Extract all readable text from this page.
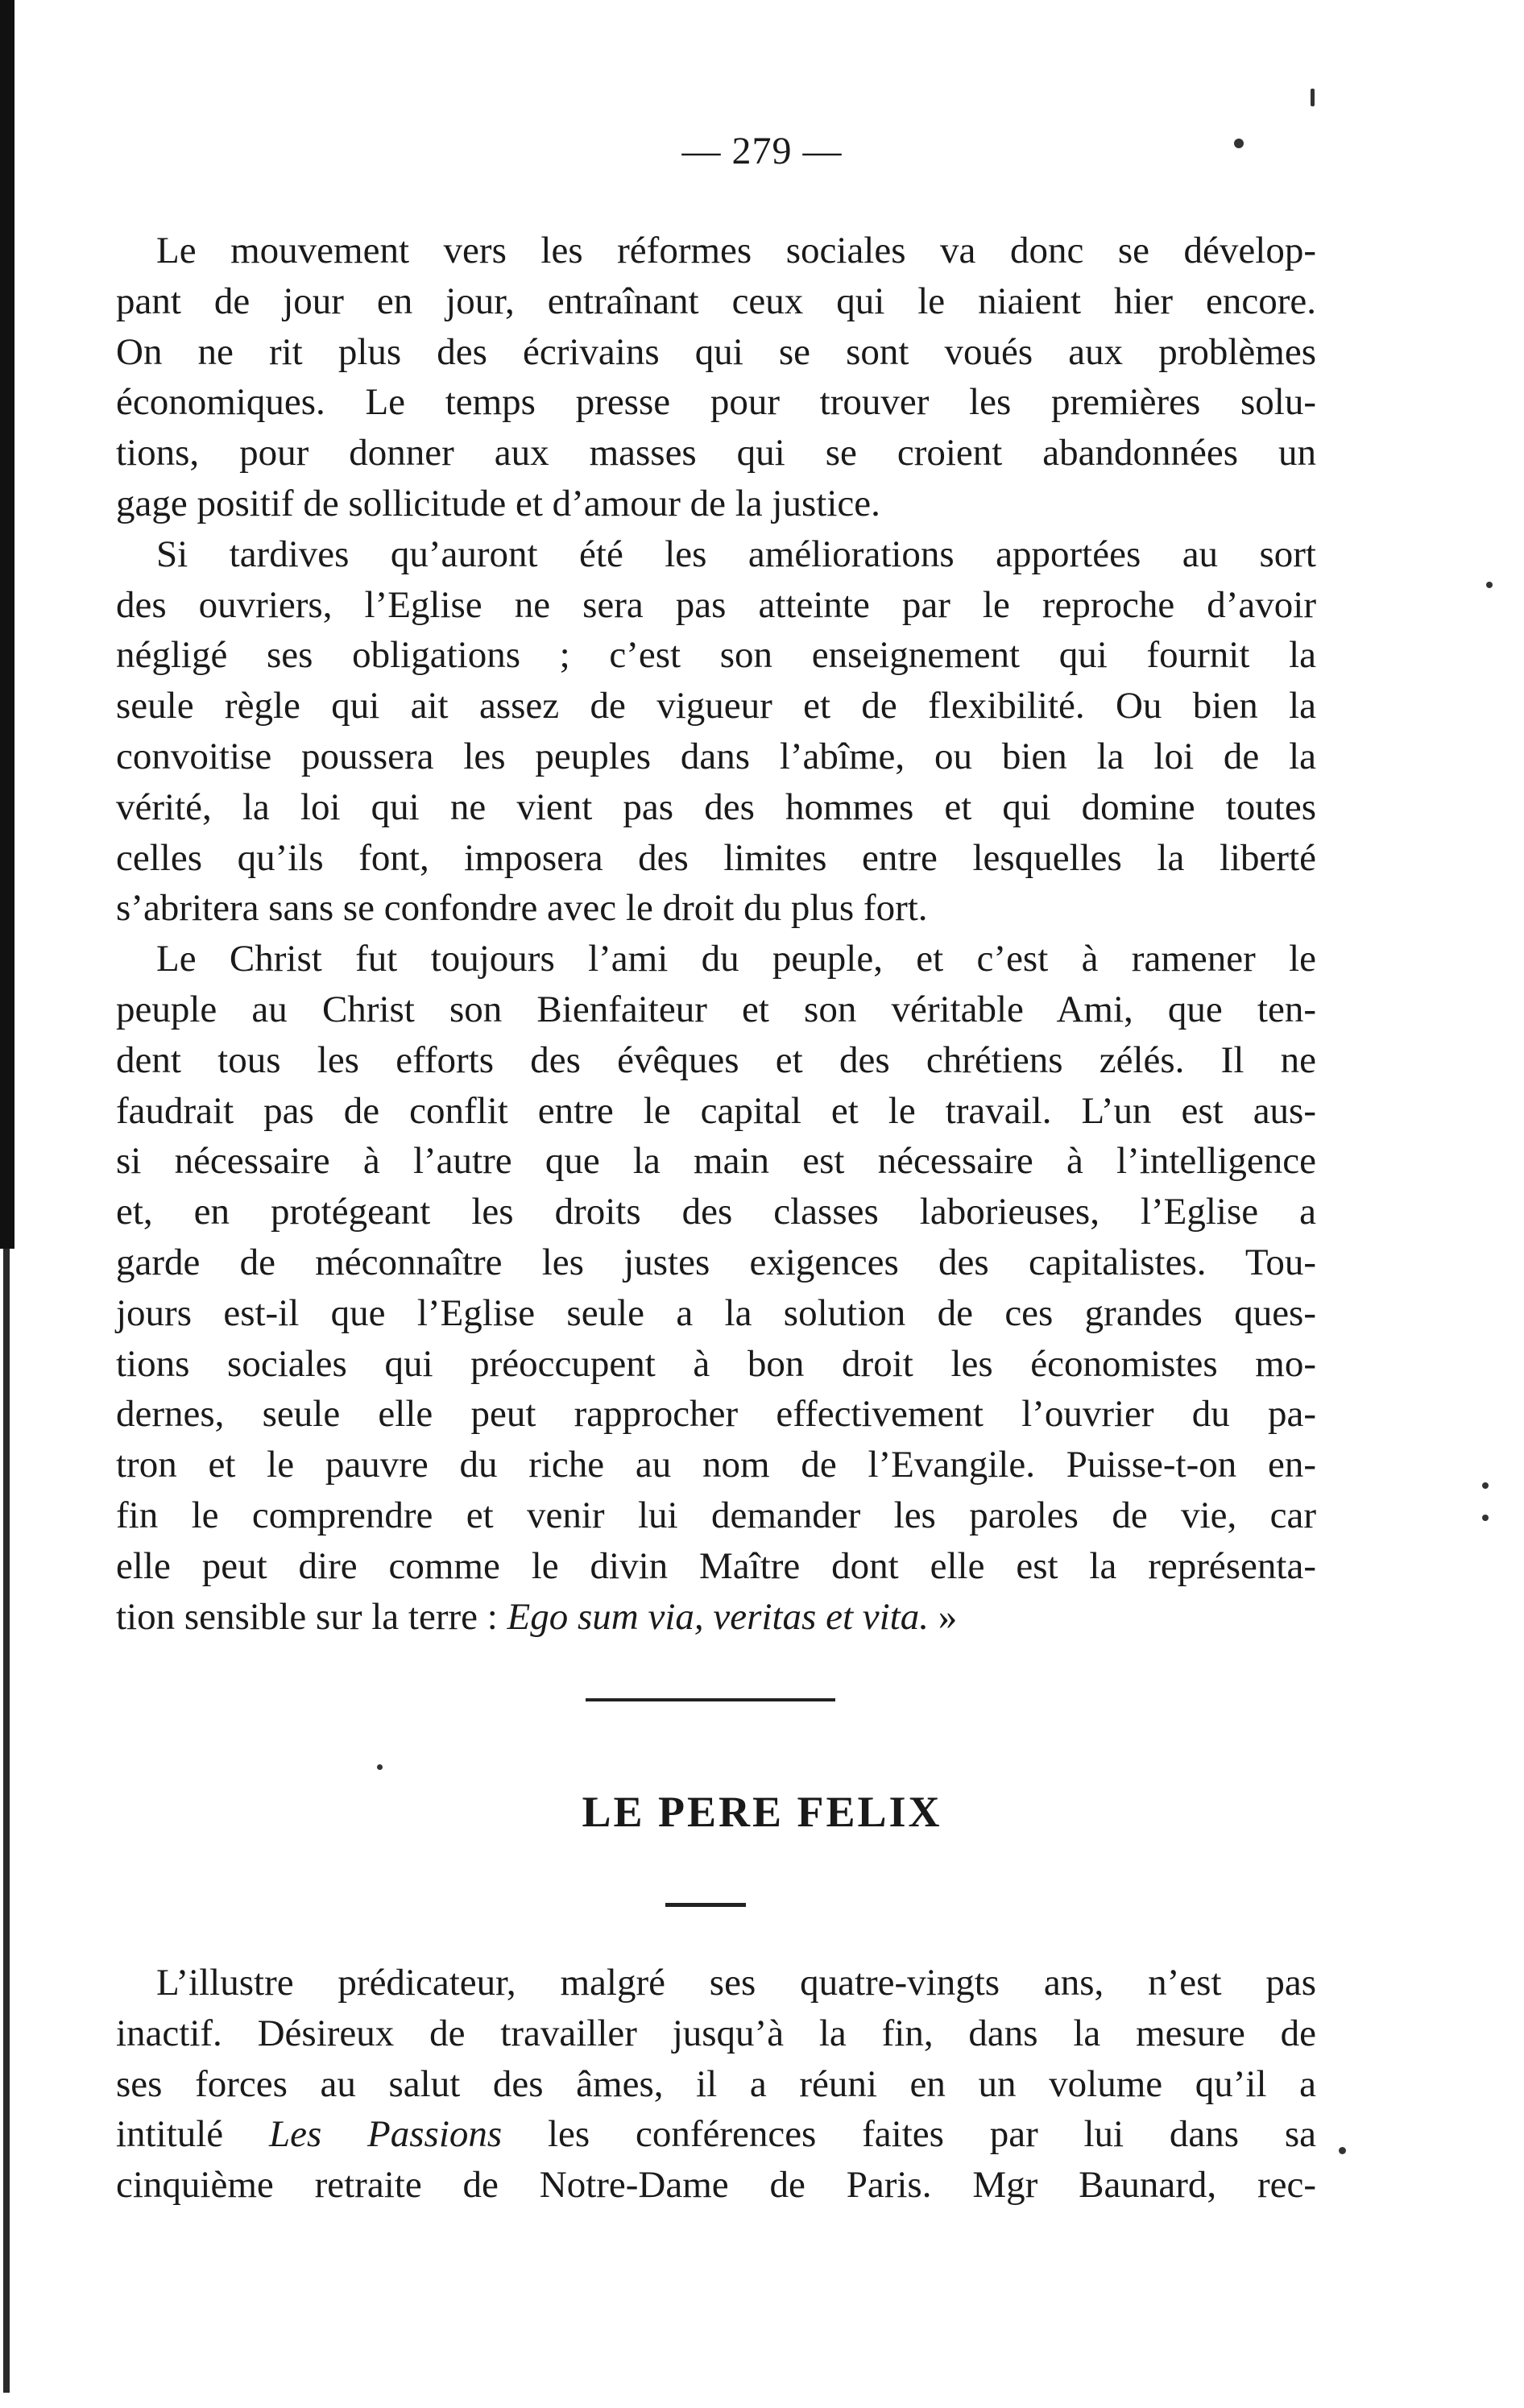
— 279 —
Le mouvement vers les réformes sociales va donc se dévelop-
pant de jour en jour, entraînant ceux qui le niaient hier encore.
On ne rit plus des écrivains qui se sont voués aux problèmes
économiques. Le temps presse pour trouver les premières solu-
tions, pour donner aux masses qui se croient abandonnées un
gage positif de sollicitude et d’amour de la justice.
Si tardives qu’auront été les améliorations apportées au sort
des ouvriers, l’Eglise ne sera pas atteinte par le reproche d’avoir
négligé ses obligations ; c’est son enseignement qui fournit la
seule règle qui ait assez de vigueur et de flexibilité. Ou bien la
convoitise poussera les peuples dans l’abîme, ou bien la loi de la
vérité, la loi qui ne vient pas des hommes et qui domine toutes
celles qu’ils font, imposera des limites entre lesquelles la liberté
s’abritera sans se confondre avec le droit du plus fort.
Le Christ fut toujours l’ami du peuple, et c’est à ramener le
peuple au Christ son Bienfaiteur et son véritable Ami, que ten-
dent tous les efforts des évêques et des chrétiens zélés. Il ne
faudrait pas de conflit entre le capital et le travail. L’un est aus-
si nécessaire à l’autre que la main est nécessaire à l’intelligence
et, en protégeant les droits des classes laborieuses, l’Eglise a
garde de méconnaître les justes exigences des capitalistes. Tou-
jours est-il que l’Eglise seule a la solution de ces grandes ques-
tions sociales qui préoccupent à bon droit les économistes mo-
dernes, seule elle peut rapprocher effectivement l’ouvrier du pa-
tron et le pauvre du riche au nom de l’Evangile. Puisse-t-on en-
fin le comprendre et venir lui demander les paroles de vie, car
elle peut dire comme le divin Maître dont elle est la représenta-
tion sensible sur la terre : Ego sum via, veritas et vita. »
LE PERE FELIX
L’illustre prédicateur, malgré ses quatre-vingts ans, n’est pas
inactif. Désireux de travailler jusqu’à la fin, dans la mesure de
ses forces au salut des âmes, il a réuni en un volume qu’il a
intitulé Les Passions les conférences faites par lui dans sa
cinquième retraite de Notre-Dame de Paris. Mgr Baunard, rec-
